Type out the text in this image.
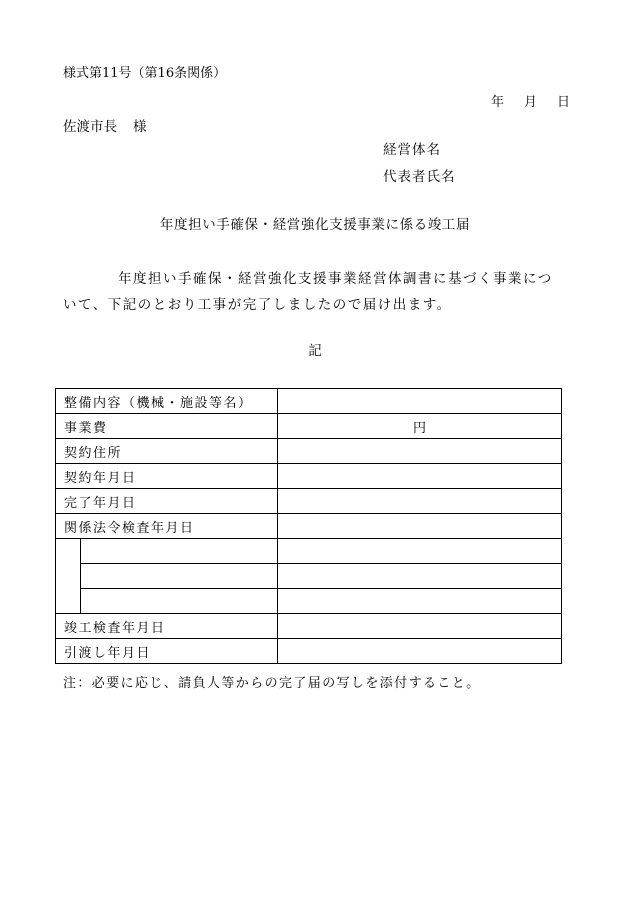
様式第11号（第16条関係）
年 月 日
佐渡市長 様
経営体名
代表者氏名
年度担い手確保・経営強化支援事業に係る竣工届
年度担い手確保・経営強化支援事業経営体調書に基づく事業について、下記のとおり工事が完了しましたので届け出ます。
記
整備内容（機械・施設等名）		
事業費		円
契約住所		
契約年月日		
完了年月日		
関係法令検査年月日		

竣工検査年月日		
引渡し年月日		
注：必要に応じ、請負人等からの完了届の写しを添付すること。
